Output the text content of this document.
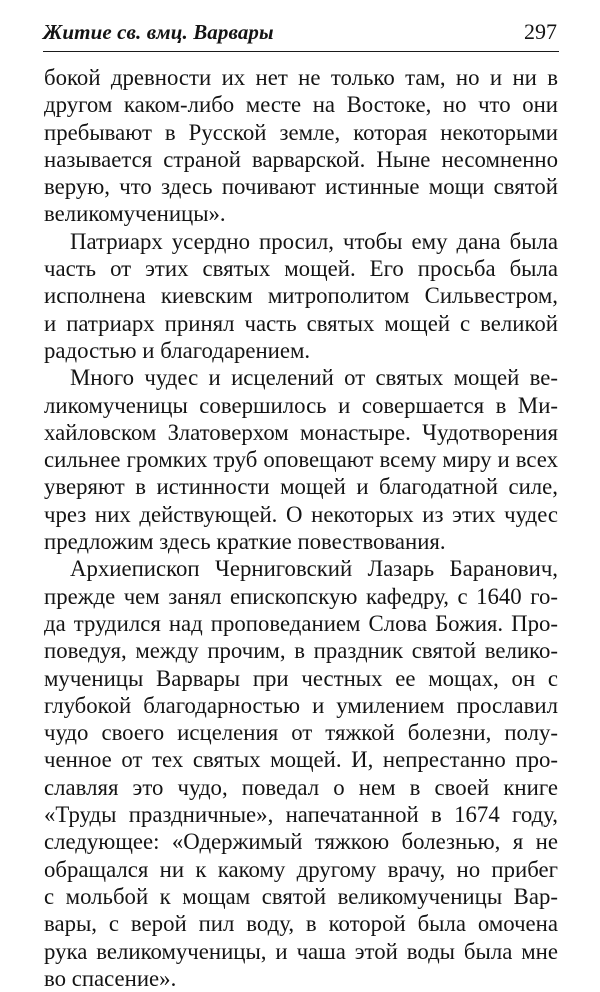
Житие св. вмц. Варвары	297
бокой древности их нет не только там, но и ни в
другом каком-либо месте на Востоке, но что они
пребывают в Русской земле, которая некоторыми
называется страной варварской. Ныне несомненно
верую, что здесь почивают истинные мощи святой
великомученицы».
Патриарх усердно просил, чтобы ему дана была
часть от этих святых мощей. Его просьба была
исполнена киевским митрополитом Сильвестром,
и патриарх принял часть святых мощей с великой
радостью и благодарением.
Много чудес и исцелений от святых мощей ве-
ликомученицы совершилось и совершается в Ми-
хайловском Златоверхом монастыре. Чудотворения
сильнее громких труб оповещают всему миру и всех
уверяют в истинности мощей и благодатной силе,
чрез них действующей. О некоторых из этих чудес
предложим здесь краткие повествования.
Архиепископ Черниговский Лазарь Баранович,
прежде чем занял епископскую кафедру, с 1640 го-
да трудился над проповеданием Слова Божия. Про-
поведуя, между прочим, в праздник святой велико-
мученицы Варвары при честных ее мощах, он с
глубокой благодарностью и умилением прославил
чудо своего исцеления от тяжкой болезни, полу-
ченное от тех святых мощей. И, непрестанно про-
славляя это чудо, поведал о нем в своей книге
«Труды праздничные», напечатанной в 1674 году,
следующее: «Одержимый тяжкою болезнью, я не
обращался ни к какому другому врачу, но прибег
с мольбой к мощам святой великомученицы Вар-
вары, с верой пил воду, в которой была омочена
рука великомученицы, и чаша этой воды была мне
во спасение».
